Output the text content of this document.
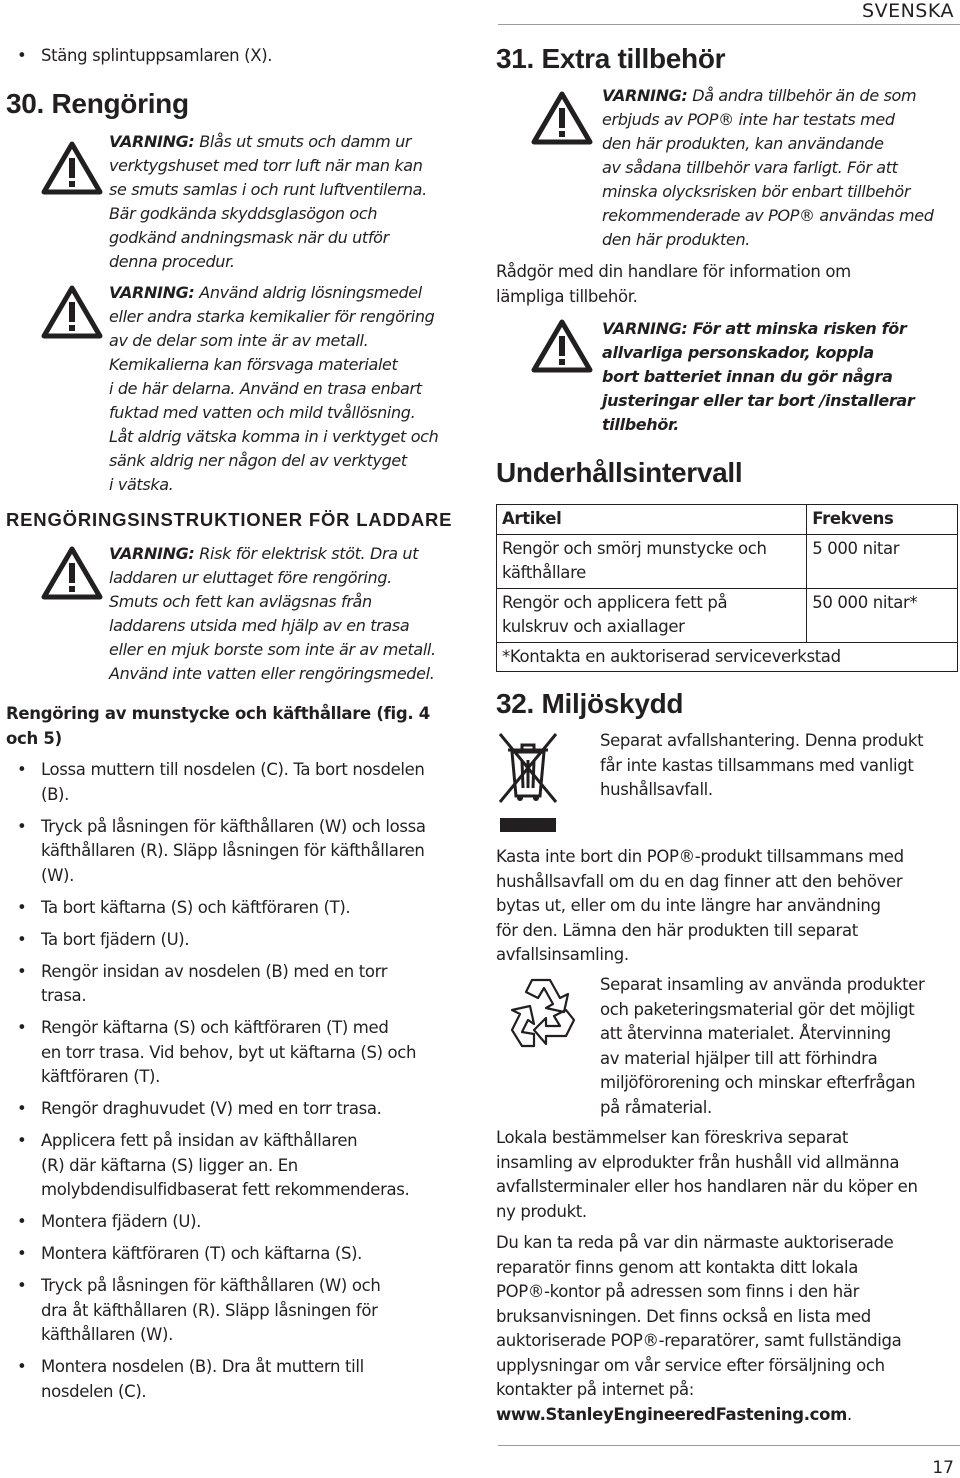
SVENSKA
• Stäng splintuppsamlaren (X).
30. Rengöring
VARNING: Blås ut smuts och damm ur
verktygshuset med torr luft när man kan
se smuts samlas i och runt luftventilerna.
Bär godkända skyddsglasögon och
godkänd andningsmask när du utför
denna procedur.
VARNING: Använd aldrig lösningsmedel
eller andra starka kemikalier för rengöring
av de delar som inte är av metall.
Kemikalierna kan försvaga materialet
i de här delarna. Använd en trasa enbart
fuktad med vatten och mild tvållösning.
Låt aldrig vätska komma in i verktyget och
sänk aldrig ner någon del av verktyget
i vätska.
RENGÖRINGSINSTRUKTIONER FÖR LADDARE
VARNING: Risk för elektrisk stöt. Dra ut
laddaren ur eluttaget före rengöring.
Smuts och fett kan avlägsnas från
laddarens utsida med hjälp av en trasa
eller en mjuk borste som inte är av metall.
Använd inte vatten eller rengöringsmedel.
Rengöring av munstycke och käfthållare (fig. 4
och 5)
• Lossa muttern till nosdelen (C). Ta bort nosdelen
(B).
• Tryck på låsningen för käfthållaren (W) och lossa
käfthållaren (R). Släpp låsningen för käfthållaren
(W).
• Ta bort käftarna (S) och käftföraren (T).
• Ta bort fjädern (U).
• Rengör insidan av nosdelen (B) med en torr
trasa.
• Rengör käftarna (S) och käftföraren (T) med
en torr trasa. Vid behov, byt ut käftarna (S) och
käftföraren (T).
• Rengör draghuvudet (V) med en torr trasa.
• Applicera fett på insidan av käfthållaren
(R) där käftarna (S) ligger an. En
molybdendisulfidbaserat fett rekommenderas.
• Montera fjädern (U).
• Montera käftföraren (T) och käftarna (S).
• Tryck på låsningen för käfthållaren (W) och
dra åt käfthållaren (R). Släpp låsningen för
käfthållaren (W).
• Montera nosdelen (B). Dra åt muttern till
nosdelen (C).
31. Extra tillbehör
VARNING: Då andra tillbehör än de som
erbjuds av POP® inte har testats med
den här produkten, kan användande
av sådana tillbehör vara farligt. För att
minska olycksrisken bör enbart tillbehör
rekommenderade av POP® användas med
den här produkten.
Rådgör med din handlare för information om
lämpliga tillbehör.
VARNING: För att minska risken för
allvarliga personskador, koppla
bort batteriet innan du gör några
justeringar eller tar bort /installerar
tillbehör.
Underhållsintervall
Artikel	Frekvens

Rengör och smörj munstycke och
käfthållare	5 000 nitar

Rengör och applicera fett på
kulskruv och axiallager	50 000 nitar*
*Kontakta en auktoriserad serviceverkstad	
32. Miljöskydd
Separat avfallshantering. Denna produkt
får inte kastas tillsammans med vanligt
hushållsavfall.
Kasta inte bort din POP®-produkt tillsammans med
hushållsavfall om du en dag finner att den behöver
bytas ut, eller om du inte längre har användning
för den. Lämna den här produkten till separat
avfallsinsamling.
Separat insamling av använda produkter
och paketeringsmaterial gör det möjligt
att återvinna materialet. Återvinning
av material hjälper till att förhindra
miljöförorening och minskar efterfrågan
på råmaterial.
Lokala bestämmelser kan föreskriva separat
insamling av elprodukter från hushåll vid allmänna
avfallsterminaler eller hos handlaren när du köper en
ny produkt.
Du kan ta reda på var din närmaste auktoriserade
reparatör finns genom att kontakta ditt lokala
POP®-kontor på adressen som finns i den här
bruksanvisningen. Det finns också en lista med
auktoriserade POP®-reparatörer, samt fullständiga
upplysningar om vår service efter försäljning och
kontakter på internet på:
www.StanleyEngineeredFastening.com.
17
